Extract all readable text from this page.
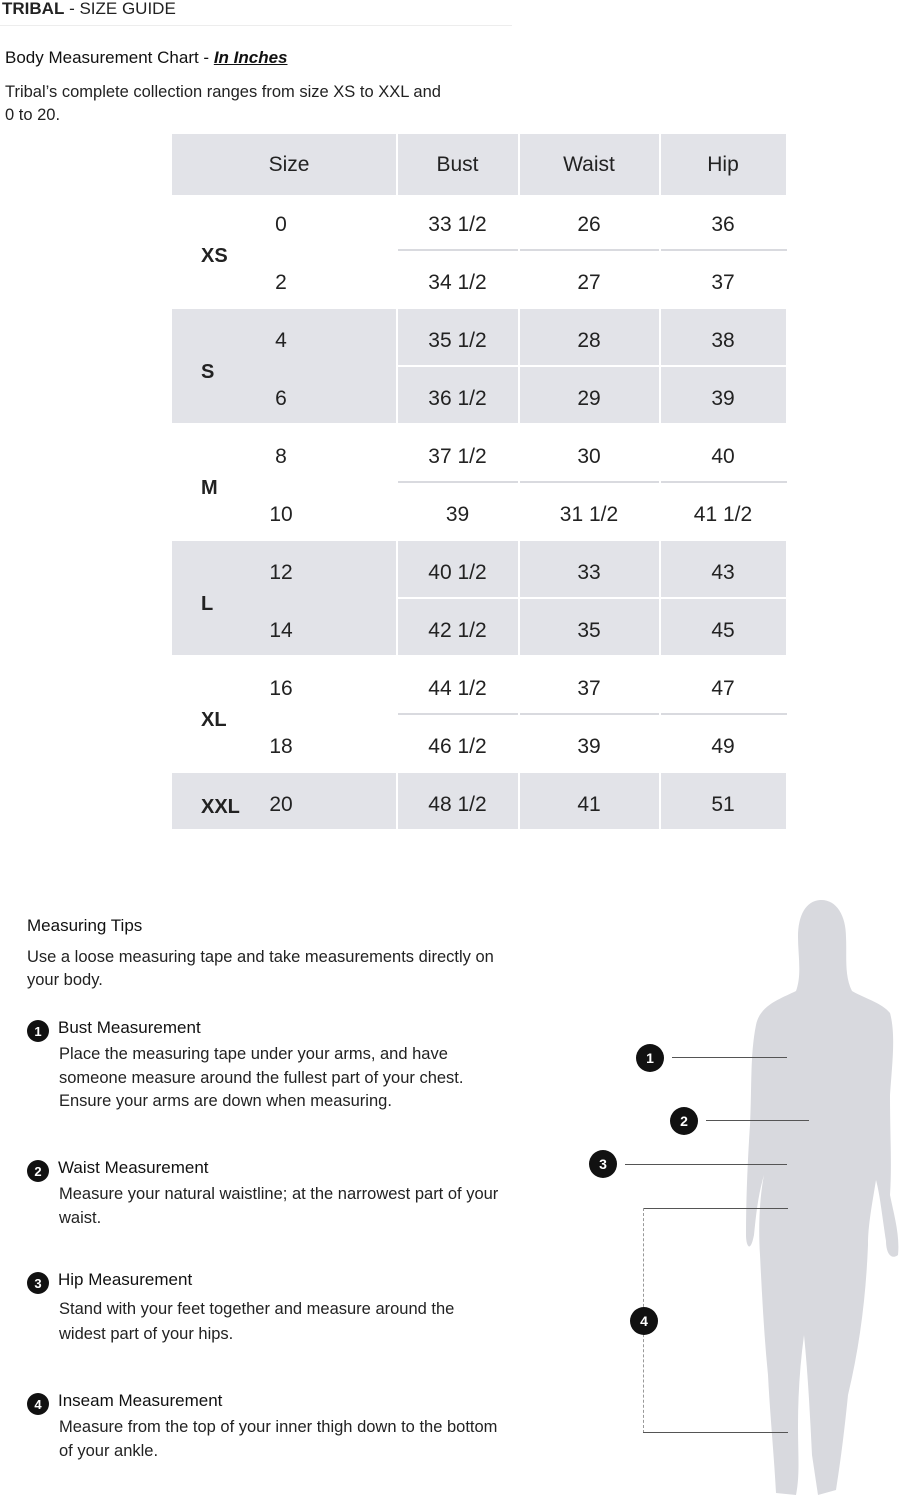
TRIBAL - SIZE GUIDE
Body Measurement Chart - In Inches
Tribal’s complete collection ranges from size XS to XXL and 0 to 20.
Size	Bust	Waist	Hip
XS
0	33 1/2	26	36
2	34 1/2	27	37
S
4	35 1/2	28	38
6	36 1/2	29	39
M
8	37 1/2	30	40
10	39	31 1/2	41 1/2
L
12	40 1/2	33	43
14	42 1/2	35	45
XL
16	44 1/2	37	47
18	46 1/2	39	49
XXL	20	48 1/2	41	51
Measuring Tips
Use a loose measuring tape and take measurements directly on your body.
1 Bust Measurement
Place the measuring tape under your arms, and have someone measure around the fullest part of your chest. Ensure your arms are down when measuring.
2 Waist Measurement
Measure your natural waistline; at the narrowest part of your waist.
3 Hip Measurement
Stand with your feet together and measure around the widest part of your hips.
4 Inseam Measurement
Measure from the top of your inner thigh down to the bottom of your ankle.
1
2
3
4
